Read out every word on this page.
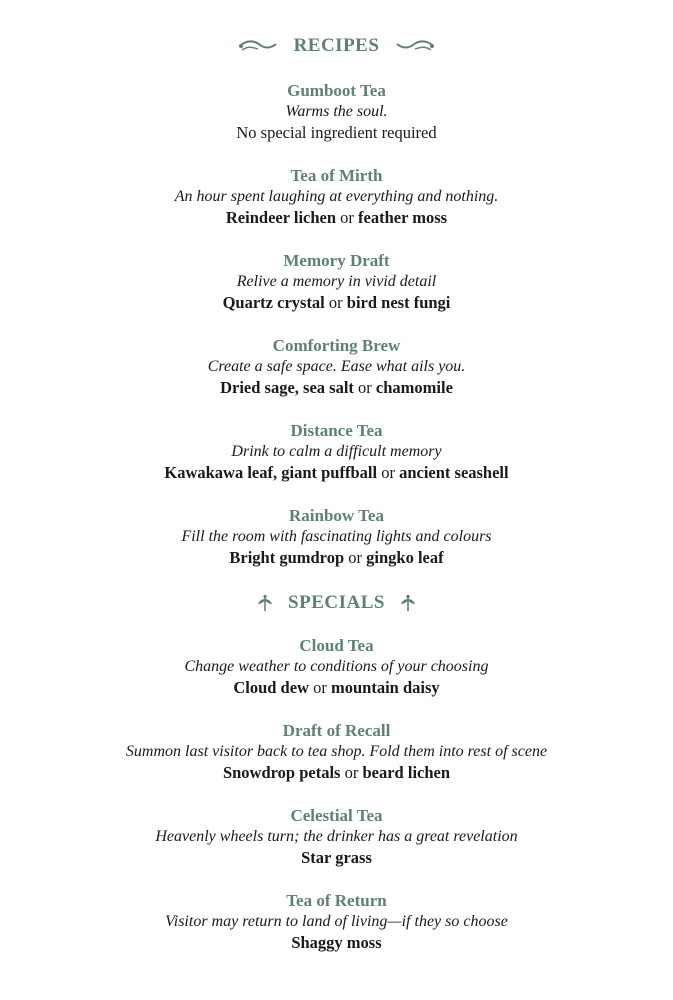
RECIPES
Gumboot Tea
Warms the soul.
No special ingredient required
Tea of Mirth
An hour spent laughing at everything and nothing.
Reindeer lichen or feather moss
Memory Draft
Relive a memory in vivid detail
Quartz crystal or bird nest fungi
Comforting Brew
Create a safe space. Ease what ails you.
Dried sage, sea salt or chamomile
Distance Tea
Drink to calm a difficult memory
Kawakawa leaf, giant puffball or ancient seashell
Rainbow Tea
Fill the room with fascinating lights and colours
Bright gumdrop or gingko leaf
SPECIALS
Cloud Tea
Change weather to conditions of your choosing
Cloud dew or mountain daisy
Draft of Recall
Summon last visitor back to tea shop. Fold them into rest of scene
Snowdrop petals or beard lichen
Celestial Tea
Heavenly wheels turn; the drinker has a great revelation
Star grass
Tea of Return
Visitor may return to land of living—if they so choose
Shaggy moss
